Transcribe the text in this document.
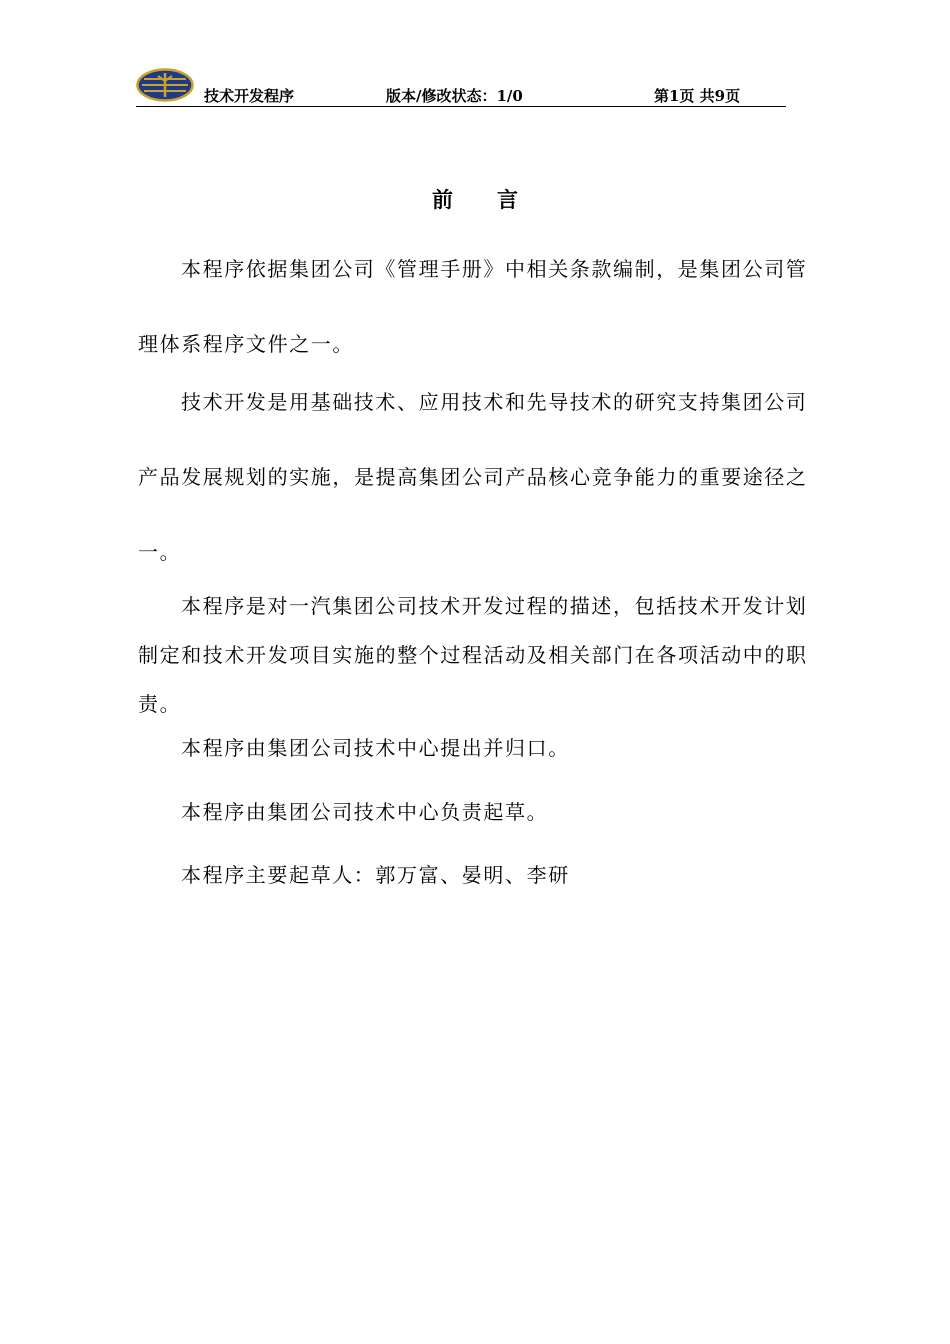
技术开发程序	版本/修改状态：1/0	第1页 共9页
前言

本程序依据集团公司《管理手册》中相关条款编制，是集团公司管理体系程序文件之一。

技术开发是用基础技术、应用技术和先导技术的研究支持集团公司产品发展规划的实施，是提高集团公司产品核心竞争能力的重要途径之一。

本程序是对一汽集团公司技术开发过程的描述，包括技术开发计划制定和技术开发项目实施的整个过程活动及相关部门在各项活动中的职责。

本程序由集团公司技术中心提出并归口。

本程序由集团公司技术中心负责起草。

本程序主要起草人：郭万富、晏明、李研
